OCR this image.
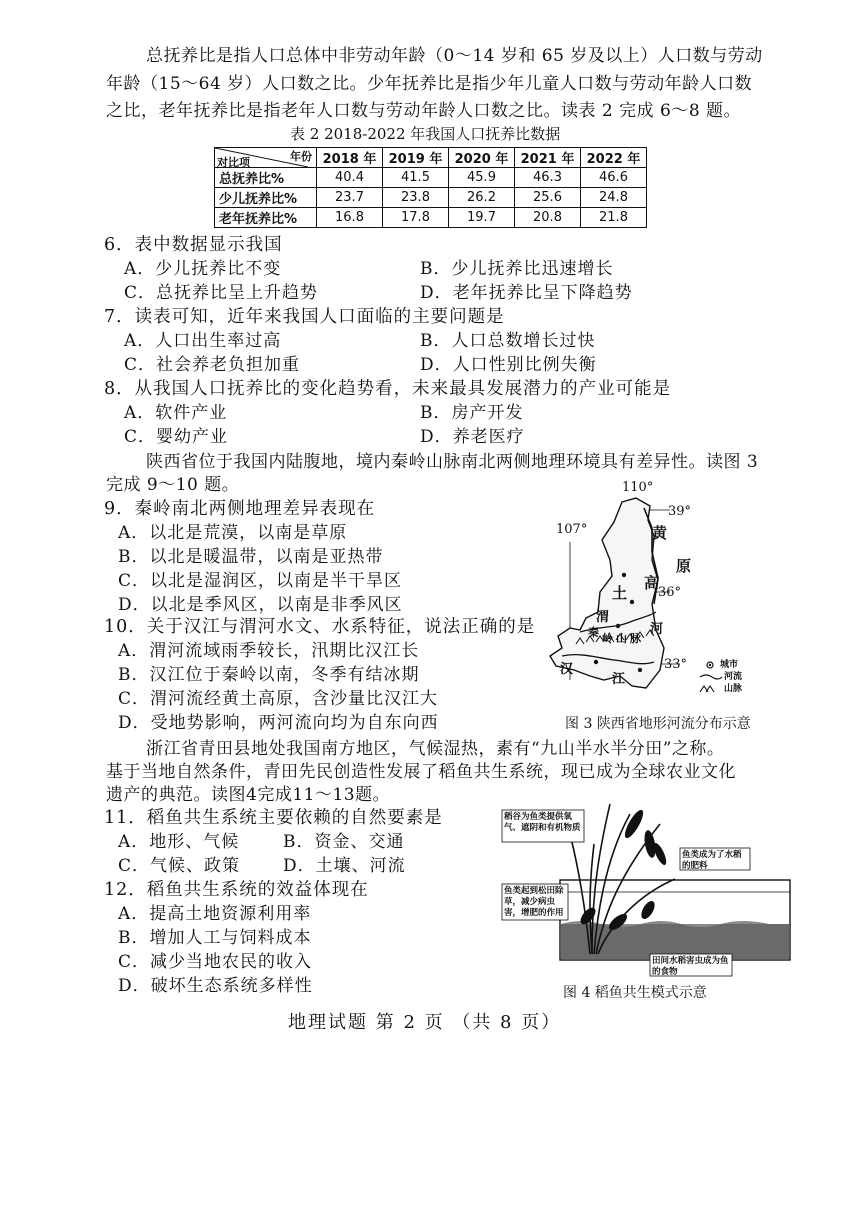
总抚养比是指人口总体中非劳动年龄（0～14 岁和 65 岁及以上）人口数与劳动
年龄（15～64 岁）人口数之比。少年抚养比是指少年儿童人口数与劳动年龄人口数
之比，老年抚养比是指老年人口数与劳动年龄人口数之比。读表 2 完成 6～8 题。
表 2 2018-2022 年我国人口抚养比数据
年份
对比项	2018 年	2019 年	2020 年	2021 年	2022 年
总抚养比%	40.4	41.5	45.9	46.3	46.6
少儿抚养比%	23.7	23.8	26.2	25.6	24.8
老年抚养比%	16.8	17.8	19.7	20.8	21.8
6．表中数据显示我国
A．少儿抚养比不变	B．少儿抚养比迅速增长
C．总抚养比呈上升趋势	D．老年抚养比呈下降趋势
7．读表可知，近年来我国人口面临的主要问题是
A．人口出生率过高	B．人口总数增长过快
C．社会养老负担加重	D．人口性别比例失衡
8．从我国人口抚养比的变化趋势看，未来最具发展潜力的产业可能是
A．软件产业	B．房产开发
C．婴幼产业	D．养老医疗
陕西省位于我国内陆腹地，境内秦岭山脉南北两侧地理环境具有差异性。读图 3
完成 9～10 题。
9．秦岭南北两侧地理差异表现在
A．以北是荒漠，以南是草原
B．以北是暖温带，以南是亚热带
C．以北是湿润区，以南是半干旱区
D．以北是季风区，以南是非季风区
10．关于汉江与渭河水文、水系特征，说法正确的是
A．渭河流域雨季较长，汛期比汉江长
B．汉江位于秦岭以南，冬季有结冰期
C．渭河流经黄土高原，含沙量比汉江大
D．受地势影响，两河流向均为自东向西
110°
39°
107°
36°
33°
黄
原
土
高
河
渭
汉
江
秦 岭 山 脉
城市
河流
山脉
图 3 陕西省地形河流分布示意
浙江省青田县地处我国南方地区，气候湿热，素有“九山半水半分田”之称。
基于当地自然条件，青田先民创造性发展了稻鱼共生系统，现已成为全球农业文化
遗产的典范。读图4完成11～13题。
11．稻鱼共生系统主要依赖的自然要素是
A．地形、气候	B．资金、交通
C．气候、政策	D．土壤、河流
12．稻鱼共生系统的效益体现在
A．提高土地资源利用率
B．增加人工与饲料成本
C．减少当地农民的收入
D．破坏生态系统多样性
稻谷为鱼类提供氧气、遮阴和有机物质
鱼类成为了水稻的肥料
鱼类起到松田除草，减少病虫害，增肥的作用
田间水稻害虫成为鱼的食物
图 4 稻鱼共生模式示意
地理试题 第 2 页 （共 8 页）
